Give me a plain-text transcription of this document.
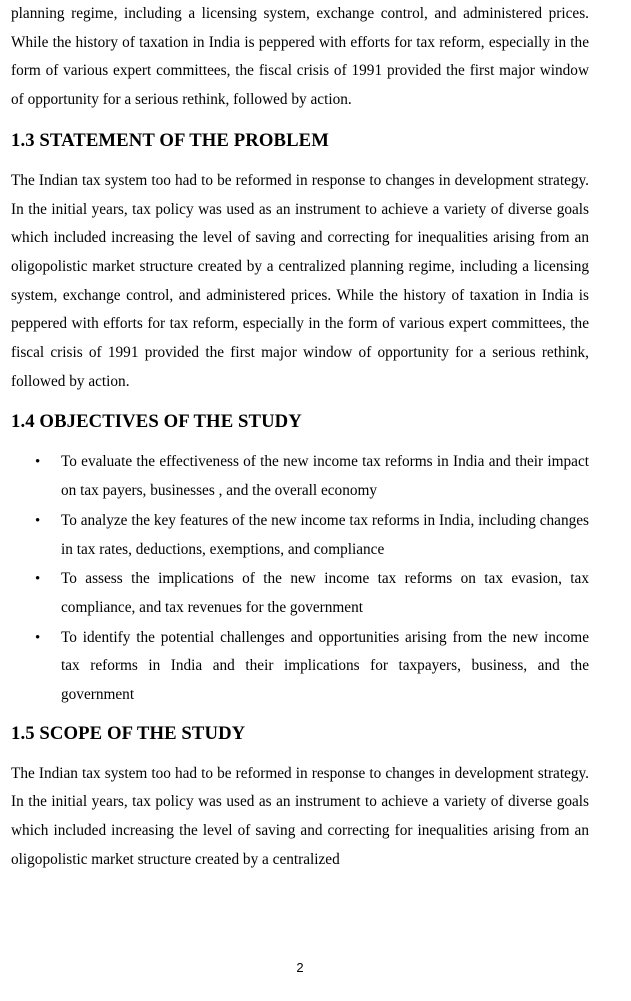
planning regime, including a licensing system, exchange control, and administered prices. While the history of taxation in India is peppered with efforts for tax reform, especially in the form of various expert committees, the fiscal crisis of 1991 provided the first major window of opportunity for a serious rethink, followed by action.

1.3 STATEMENT OF THE PROBLEM

The Indian tax system too had to be reformed in response to changes in development strategy. In the initial years, tax policy was used as an instrument to achieve a variety of diverse goals which included increasing the level of saving and correcting for inequalities arising from an oligopolistic market structure created by a centralized planning regime, including a licensing system, exchange control, and administered prices. While the history of taxation in India is peppered with efforts for tax reform, especially in the form of various expert committees, the fiscal crisis of 1991 provided the first major window of opportunity for a serious rethink, followed by action.

1.4 OBJECTIVES OF THE STUDY
• To evaluate the effectiveness of the new income tax reforms in India and their impact on tax payers, businesses , and the overall economy
• To analyze the key features of the new income tax reforms in India, including changes in tax rates, deductions, exemptions, and compliance
• To assess the implications of the new income tax reforms on tax evasion, tax compliance, and tax revenues for the government
• To identify the potential challenges and opportunities arising from the new income tax reforms in India and their implications for taxpayers, business, and the government
1.5 SCOPE OF THE STUDY

The Indian tax system too had to be reformed in response to changes in development strategy. In the initial years, tax policy was used as an instrument to achieve a variety of diverse goals which included increasing the level of saving and correcting for inequalities arising from an oligopolistic market structure created by a centralized

2
